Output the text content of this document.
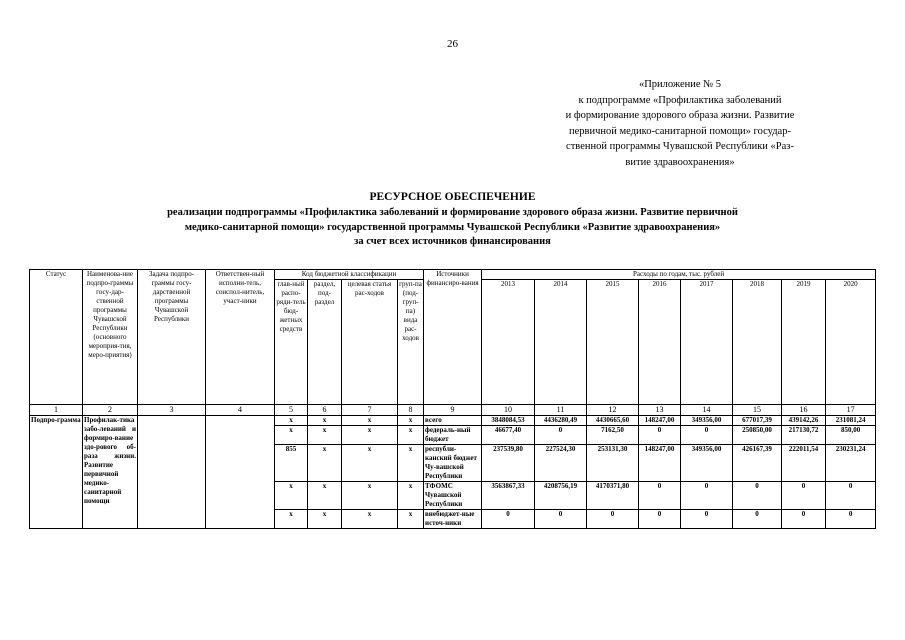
26
«Приложение № 5
к подпрограмме «Профилактика заболеваний
и формирование здорового образа жизни. Развитие
первичной медико-санитарной помощи» государ-
ственной программы Чувашской Республики «Раз-
витие здравоохранения»
РЕСУРСНОЕ ОБЕСПЕЧЕНИЕ
реализации подпрограммы «Профилактика заболеваний и формирование здорового образа жизни. Развитие первичной
медико-санитарной помощи» государственной программы Чувашской Республики «Развитие здравоохранения»
за счет всех источников финансирования
Статус	Наименова-ние подпро-граммы госу-дар-ственной программы Чувашской Республики (основного мероприя-тия, меро-приятия)	Задача подпро-граммы госу-дарственной программы Чувашской Республики	Ответствен-ный исполни-тель, соиспол-нитель, участ-ники	Код бюджетной классификации				Источники финансиро-вания	Расходы по годам, тыс. рублей							
				глав-ный распо-ряди-тель бюд-жетных средств	раздел, под-раздел	целевая статья рас-ходов	груп-па (под-груп-па) вида рас-ходов		2013	2014	2015	2016	2017	2018	2019	2020
1	2	3	4	5	6	7	8	9	10	11	12	13	14	15	16	17
Подпро-грамма	Профилак-тика забо-леваний и формиро-вание здо-рового об-раза жизни. Развитие первичной медико-санитарной помощи			x	x	x	x	всего	3848084,53	4436280,49	4430665,60	148247,00	349356,00	677017,39	439142,26	231081,24
				x	x	x	x	федераль-ный бюджет	46677,40	0	7162,50	0	0	250850,00	217130,72	850,00
				855	x	x	x	республи-канский бюджет Чу-вашской Республики	237539,80	227524,30	253131,30	148247,00	349356,00	426167,39	222011,54	230231,24
				x	x	x	x	ТФОМС Чувашской Республики	3563867,33	4208756,19	4170371,80	0	0	0	0	0
				x	x	x	x	внебюджет-ные источ-ники	0	0	0	0	0	0	0	0
